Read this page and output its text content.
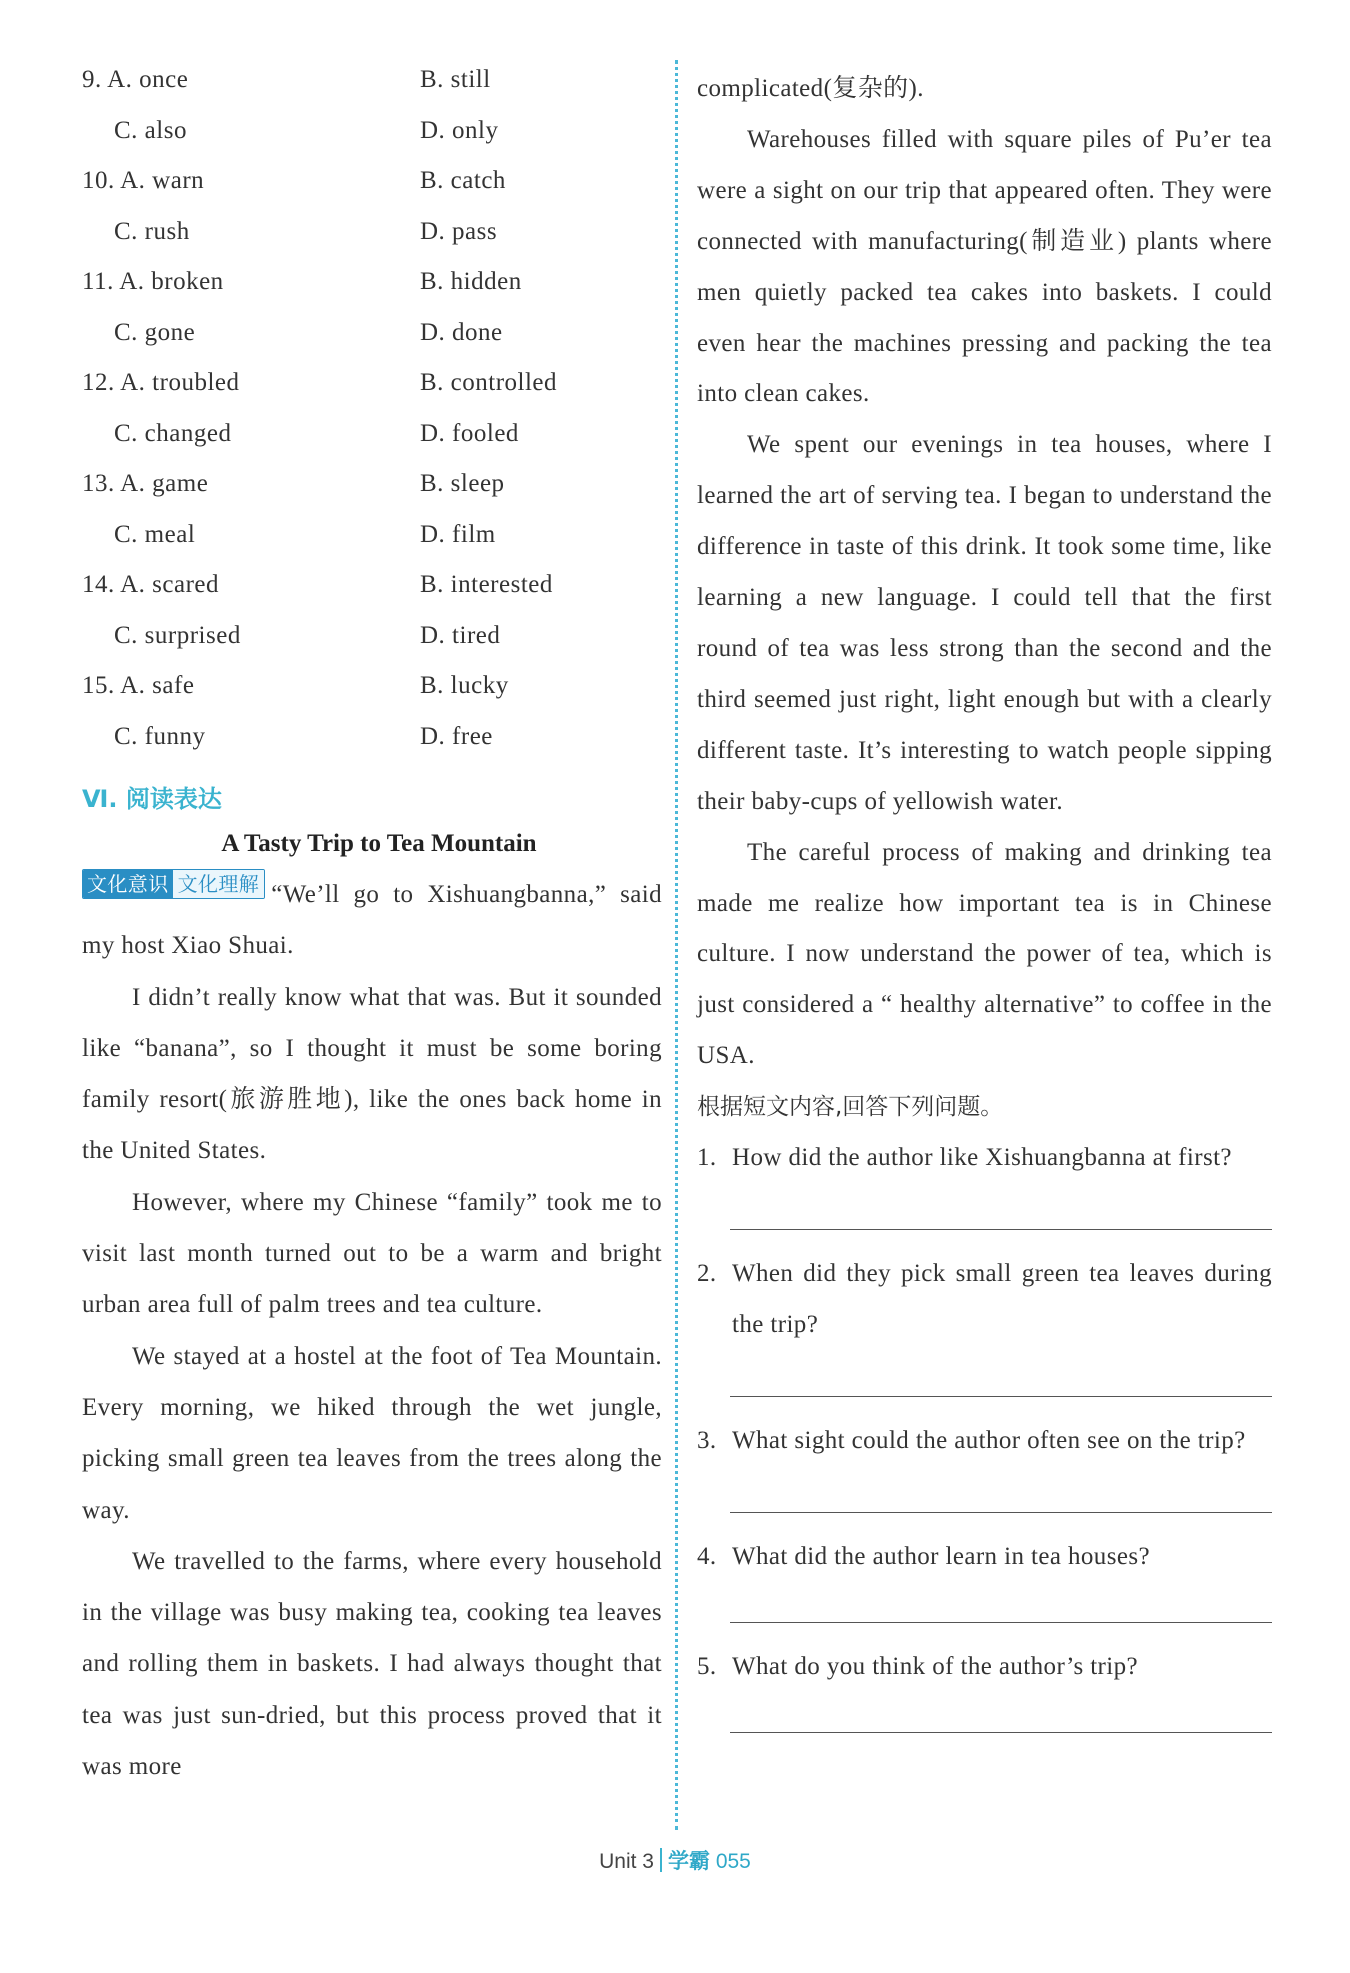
9. A. once	B. still
C. also	D. only
10. A. warn	B. catch
C. rush	D. pass
11. A. broken	B. hidden
C. gone	D. done
12. A. troubled	B. controlled
C. changed	D. fooled
13. A. game	B. sleep
C. meal	D. film
14. A. scared	B. interested
C. surprised	D. tired
15. A. safe	B. lucky
C. funny	D. free
Ⅵ. 阅读表达
A Tasty Trip to Tea Mountain

文化意识 文化理解 “We’ll go to Xishuangbanna,” said my host Xiao Shuai.

I didn’t really know what that was. But it sounded like “banana”, so I thought it must be some boring family resort(旅游胜地), like the ones back home in the United States.

However, where my Chinese “family” took me to visit last month turned out to be a warm and bright urban area full of palm trees and tea culture.

We stayed at a hostel at the foot of Tea Mountain. Every morning, we hiked through the wet jungle, picking small green tea leaves from the trees along the way.

We travelled to the farms, where every household in the village was busy making tea, cooking tea leaves and rolling them in baskets. I had always thought that tea was just sun-dried, but this process proved that it was more

complicated(复杂的).

Warehouses filled with square piles of Pu’er tea were a sight on our trip that appeared often. They were connected with manufacturing(制造业) plants where men quietly packed tea cakes into baskets. I could even hear the machines pressing and packing the tea into clean cakes.

We spent our evenings in tea houses, where I learned the art of serving tea. I began to understand the difference in taste of this drink. It took some time, like learning a new language. I could tell that the first round of tea was less strong than the second and the third seemed just right, light enough but with a clearly different taste. It’s interesting to watch people sipping their baby-cups of yellowish water.

The careful process of making and drinking tea made me realize how important tea is in Chinese culture. I now understand the power of tea, which is just considered a “ healthy alternative” to coffee in the USA.

根据短文内容,回答下列问题。
1. How did the author like Xishuangbanna at first?
2. When did they pick small green tea leaves during the trip?
3. What sight could the author often see on the trip?
4. What did the author learn in tea houses?
5. What do you think of the author’s trip?
Unit 3 学霸 055
